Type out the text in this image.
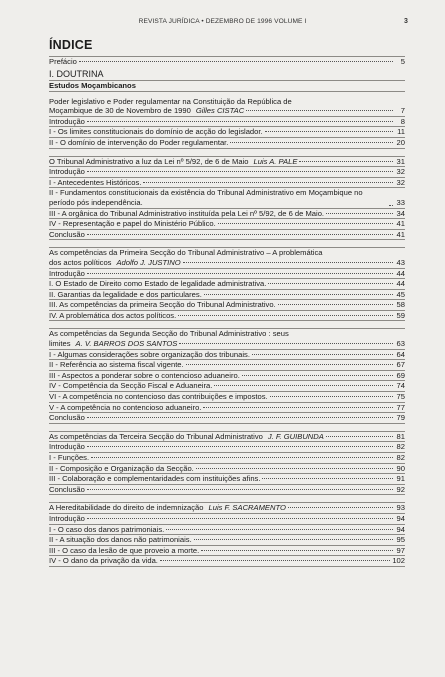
REVISTA JURÍDICA • DEZEMBRO DE 1996 VOLUME I	3
ÍNDICE
Prefácio	5
I. DOUTRINA
Estudos Moçambicanos
Poder legislativo e Poder regulamentar na Constituição da República de
Moçambique de 30 de Novembro de 1990 Gilles CISTAC	7
Introdução	8
I - Os limites constitucionais do domínio de acção do legislador.	11
II - O domínio de intervenção do Poder regulamentar.	20
O Tribunal Administrativo a luz da Lei nº 5/92, de 6 de Maio Luis A. PALE	31
Introdução	32
I - Antecedentes Históricos.	32
II - Fundamentos constitucionais da existência do Tribunal Administrativo em Moçambique no período pós independência.	33
III - A orgânica do Tribunal Administrativo instituída pela Lei nº 5/92, de 6 de Maio.	34
IV - Representação e papel do Ministério Público.	41
Conclusão	41
As competências da Primeira Secção do Tribunal Administrativo – A problemática
dos actos políticos Adolfo J. JUSTINO	43
Introdução	44
I. O Estado de Direito como Estado de legalidade administrativa.	44
II. Garantias da legalidade e dos particulares.	45
III. As competências da primeira Secção do Tribunal Administrativo.	58
IV. A problemática dos actos políticos.	59
As competências da Segunda Secção do Tribunal Administrativo : seus
limites A. V. BARROS DOS SANTOS	63
I - Algumas considerações sobre organização dos tribunais.	64
II - Referência ao sistema fiscal vigente.	67
III - Aspectos a ponderar sobre o contencioso aduaneiro.	69
IV - Competência da Secção Fiscal e Aduaneira.	74
VI - A competência no contencioso das contribuições e impostos.	75
V - A competência no contencioso aduaneiro.	77
Conclusão	79
As competências da Terceira Secção do Tribunal Administrativo J. F. GUIBUNDA	81
Introdução	82
I - Funções.	82
II - Composição e Organização da Secção.	90
III - Colaboração e complementaridades com instituições afins.	91
Conclusão	92
A Hereditabilidade do direito de indemnização Luis F. SACRAMENTO	93
Introdução	94
I - O caso dos danos patrimoniais.	94
II - A situação dos danos não patrimoniais.	95
III - O caso da lesão de que proveio a morte.	97
IV - O dano da privação da vida.	102
